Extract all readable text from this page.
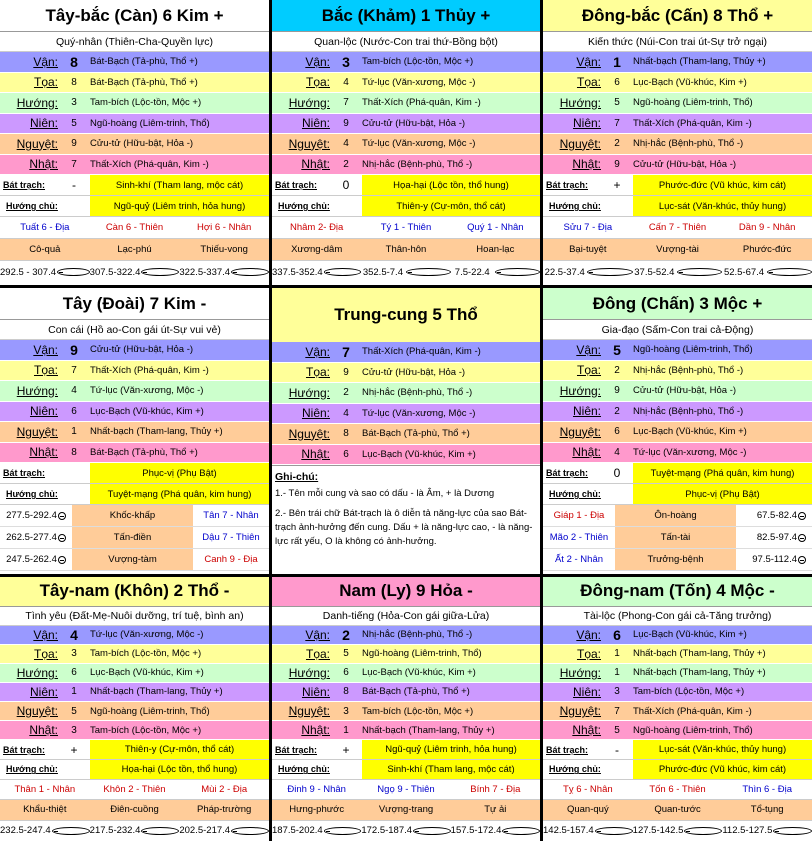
Tây-bắc (Càn) 6 Kim +
Quý-nhân (Thiên-Cha-Quyền lực)
Vận: 8	Bát-Bạch (Tả-phù, Thổ +)
Tọa:	8	Bát-Bạch (Tả-phù, Thổ +)
Hướng:	3	Tam-bích (Lộc-tồn, Mộc +)
Niên:	5	Ngũ-hoàng (Liêm-trinh, Thổ)
Nguyệt:	9	Cửu-tử (Hữu-bật, Hỏa -)
Nhật:	7	Thất-Xích (Phá-quân, Kim -)
Bát trạch:	-	Sinh-khí (Tham lang, mộc cát)
Hướng chủ:	Ngũ-quỷ (Liêm trinh, hỏa hung)
Tuất 6 - Địa	Càn 6 - Thiên	Hợi 6 - Nhân
Cô-quả	Lạc-phú	Thiếu-vong
292.5 - 307.4	307.5-322.4	322.5-337.4
Bắc (Khảm) 1 Thủy +
Quan-lộc (Nước-Con trai thứ-Bồng bột)
Vận: 3	Tam-bích (Lộc-tồn, Mộc +)
Tọa:	4	Tứ-lục (Văn-xương, Mộc -)
Hướng:	7	Thất-Xích (Phá-quân, Kim -)
Niên:	9	Cửu-tử (Hữu-bật, Hỏa -)
Nguyệt:	4	Tứ-lục (Văn-xương, Mộc -)
Nhật:	2	Nhị-hắc (Bệnh-phù, Thổ -)
Bát trạch:	0	Họa-hại (Lộc tồn, thổ hung)
Hướng chủ:	Thiên-y (Cự-môn, thổ cát)
Nhâm 2- Địa	Tý 1 - Thiên	Quý 1 - Nhân
Xương-dâm	Thân-hôn	Hoan-lạc
337.5-352.4	352.5-7.4	7.5-22.4
Đông-bắc (Cấn) 8 Thổ +
Kiến thức (Núi-Con trai út-Sự trở ngại)
Vận: 1	Nhất-bạch (Tham-lang, Thủy +)
Tọa:	6	Lục-Bạch (Vũ-khúc, Kim +)
Hướng:	5	Ngũ-hoàng (Liêm-trinh, Thổ)
Niên:	7	Thất-Xích (Phá-quân, Kim -)
Nguyệt:	2	Nhị-hắc (Bệnh-phù, Thổ -)
Nhật:	9	Cửu-tử (Hữu-bật, Hỏa -)
Bát trạch:	+	Phước-đức (Vũ khúc, kim cát)
Hướng chủ:	Lục-sát (Văn-khúc, thủy hung)
Sửu 7 - Địa	Cấn 7 - Thiên	Dần 9 - Nhân
Bại-tuyệt	Vượng-tài	Phước-đức
22.5-37.4	37.5-52.4	52.5-67.4
Tây (Đoài) 7 Kim -
Con cái (Hồ ao-Con gái út-Sự vui vẻ)
Vận: 9	Cửu-tử (Hữu-bật, Hỏa -)
Tọa:	7	Thất-Xích (Phá-quân, Kim -)
Hướng:	4	Tứ-lục (Văn-xương, Mộc -)
Niên:	6	Lục-Bạch (Vũ-khúc, Kim +)
Nguyệt:	1	Nhất-bạch (Tham-lang, Thủy +)
Nhật:	8	Bát-Bạch (Tả-phù, Thổ +)
Bát trạch:	Phục-vị (Phụ Bật)
Hướng chủ:	Tuyệt-mạng (Phá quân, kim hung)
277.5-292.4	Khốc-khấp	Tân 7 - Nhân
262.5-277.4	Tấn-điền	Dậu 7 - Thiên
247.5-262.4	Vượng-tàm	Canh 9 - Địa
Trung-cung 5 Thổ
Vận: 7	Thất-Xích (Phá-quân, Kim -)
Tọa:	9	Cửu-tử (Hữu-bật, Hỏa -)
Hướng:	2	Nhị-hắc (Bệnh-phù, Thổ -)
Niên:	4	Tứ-lục (Văn-xương, Mộc -)
Nguyệt:	8	Bát-Bạch (Tả-phù, Thổ +)
Nhật:	6	Lục-Bạch (Vũ-khúc, Kim +)
Ghi-chú:

1.- Tên mỗi cung và sao có dấu - là Âm, + là Dương

2.- Bên trái chữ Bát-trạch là ô diễn tả năng-lực của sao Bát-trạch ảnh-hưởng đến cung. Dấu + là năng-lực cao, - là năng-lực rất yếu, O là không có ảnh-hưởng.

Đông (Chấn) 3 Mộc +
Gia-đạo (Sấm-Con trai cả-Động)
Vận: 5	Ngũ-hoàng (Liêm-trinh, Thổ)
Tọa:	2	Nhị-hắc (Bệnh-phù, Thổ -)
Hướng:	9	Cửu-tử (Hữu-bật, Hỏa -)
Niên:	2	Nhị-hắc (Bệnh-phù, Thổ -)
Nguyệt:	6	Lục-Bạch (Vũ-khúc, Kim +)
Nhật:	4	Tứ-lục (Văn-xương, Mộc -)
Bát trạch:	0	Tuyệt-mạng (Phá quân, kim hung)
Hướng chủ:	Phục-vị (Phụ Bật)
Giáp 1 - Địa	Ôn-hoàng	67.5-82.4
Mão 2 - Thiên	Tấn-tài	82.5-97.4
Ất 2 - Nhân	Trưởng-bệnh	97.5-112.4
Tây-nam (Khôn) 2 Thổ -
Tình yêu (Đất-Mẹ-Nuôi dưỡng, trí tuệ, bình an)
Vận: 4	Tứ-lục (Văn-xương, Mộc -)
Tọa:	3	Tam-bích (Lộc-tồn, Mộc +)
Hướng:	6	Lục-Bạch (Vũ-khúc, Kim +)
Niên:	1	Nhất-bạch (Tham-lang, Thủy +)
Nguyệt:	5	Ngũ-hoàng (Liêm-trinh, Thổ)
Nhật:	3	Tam-bích (Lộc-tồn, Mộc +)
Bát trạch:	+	Thiên-y (Cự-môn, thổ cát)
Hướng chủ:	Họa-hại (Lộc tồn, thổ hung)
Thân 1 - Nhân	Khôn 2 - Thiên	Mùi 2 - Địa
Khẩu-thiệt	Điên-cuồng	Pháp-trường
232.5-247.4	217.5-232.4	202.5-217.4
Nam (Ly) 9 Hỏa -
Danh-tiếng (Hỏa-Con gái giữa-Lửa)
Vận: 2	Nhị-hắc (Bệnh-phù, Thổ -)
Tọa:	5	Ngũ-hoàng (Liêm-trinh, Thổ)
Hướng:	6	Lục-Bạch (Vũ-khúc, Kim +)
Niên:	8	Bát-Bạch (Tả-phù, Thổ +)
Nguyệt:	3	Tam-bích (Lộc-tồn, Mộc +)
Nhật:	1	Nhất-bạch (Tham-lang, Thủy +)
Bát trạch:	+	Ngũ-quỷ (Liêm trinh, hỏa hung)
Hướng chủ:	Sinh-khí (Tham lang, mộc cát)
Đinh 9 - Nhân	Ngọ 9 - Thiên	Bính 7 - Địa
Hưng-phước	Vượng-trang	Tự ải
187.5-202.4	172.5-187.4	157.5-172.4
Đông-nam (Tốn) 4 Mộc -
Tài-lộc (Phong-Con gái cả-Tăng trưởng)
Vận: 6	Lục-Bạch (Vũ-khúc, Kim +)
Tọa:	1	Nhất-bạch (Tham-lang, Thủy +)
Hướng:	1	Nhất-bạch (Tham-lang, Thủy +)
Niên:	3	Tam-bích (Lộc-tồn, Mộc +)
Nguyệt:	7	Thất-Xích (Phá-quân, Kim -)
Nhật:	5	Ngũ-hoàng (Liêm-trinh, Thổ)
Bát trạch:	-	Lục-sát (Văn-khúc, thủy hung)
Hướng chủ:	Phước-đức (Vũ khúc, kim cát)
Tỵ 6 - Nhân	Tốn 6 - Thiên	Thìn 6 - Địa
Quan-quý	Quan-tước	Tổ-tụng
142.5-157.4	127.5-142.5	112.5-127.5
